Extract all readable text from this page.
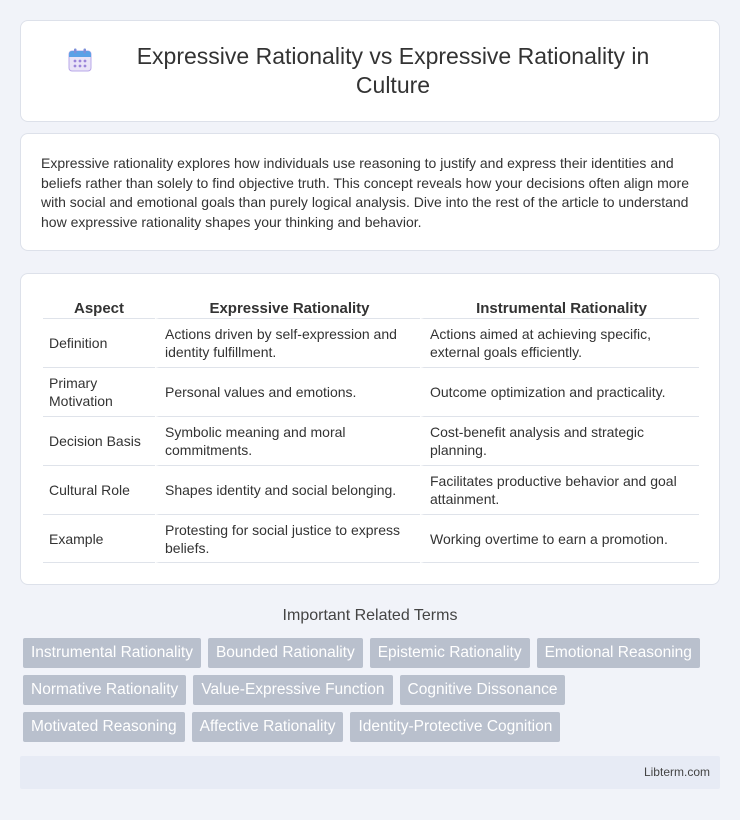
Expressive Rationality vs Expressive Rationality in Culture

Expressive rationality explores how individuals use reasoning to justify and express their identities and beliefs rather than solely to find objective truth. This concept reveals how your decisions often align more with social and emotional goals than purely logical analysis. Dive into the rest of the article to understand how expressive rationality shapes your thinking and behavior.

Aspect	Expressive Rationality	Instrumental Rationality
Definition	Actions driven by self-expression and identity fulfillment.	Actions aimed at achieving specific, external goals efficiently.
Primary Motivation	Personal values and emotions.	Outcome optimization and practicality.
Decision Basis	Symbolic meaning and moral commitments.	Cost-benefit analysis and strategic planning.
Cultural Role	Shapes identity and social belonging.	Facilitates productive behavior and goal attainment.
Example	Protesting for social justice to express beliefs.	Working overtime to earn a promotion.
Important Related Terms
Instrumental Rationality	Bounded Rationality	Epistemic Rationality	Emotional Reasoning
Normative Rationality	Value-Expressive Function	Cognitive Dissonance
Motivated Reasoning	Affective Rationality	Identity-Protective Cognition
Libterm.com
